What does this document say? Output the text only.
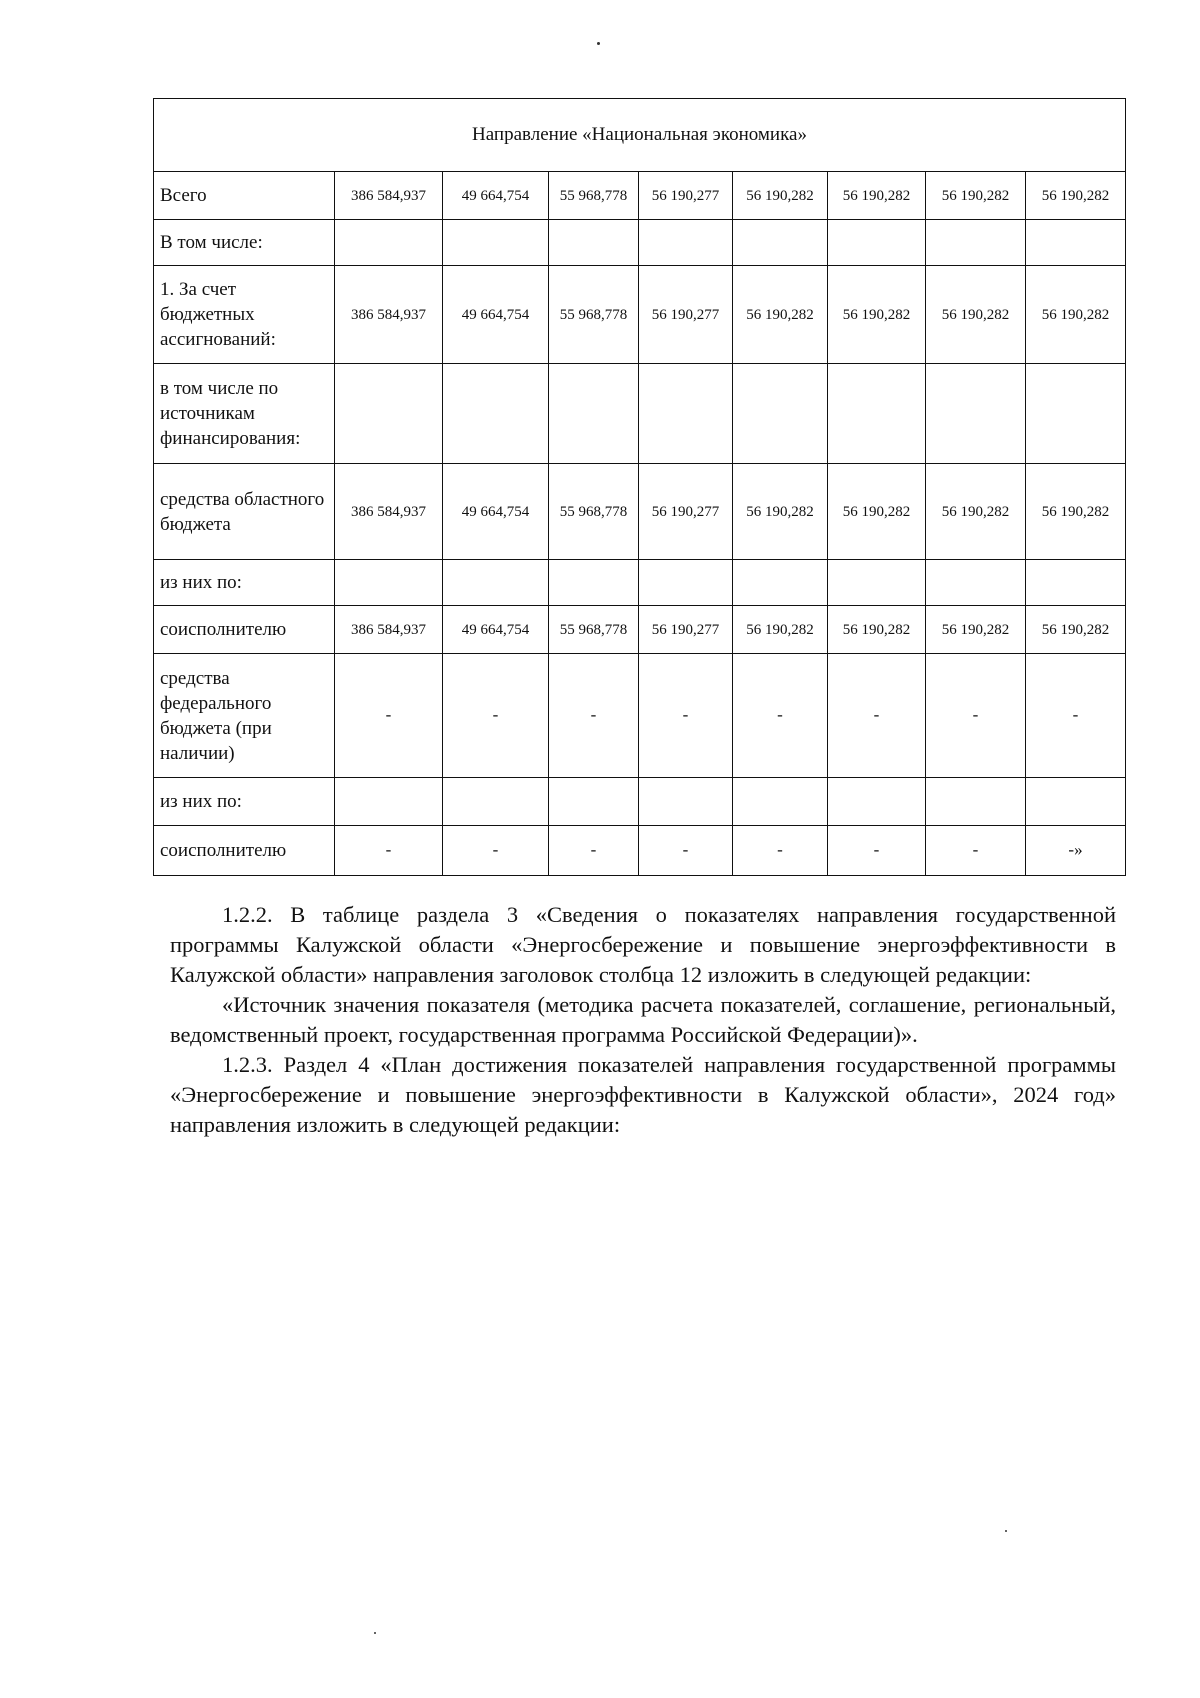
Направление «Национальная экономика»								
Всего	386 584,937	49 664,754	55 968,778	56 190,277	56 190,282	56 190,282	56 190,282	56 190,282
В том числе:								
1. За счет бюджетных ассигнований:	386 584,937	49 664,754	55 968,778	56 190,277	56 190,282	56 190,282	56 190,282	56 190,282
в том числе по источникам финансирования:								
средства областного бюджета	386 584,937	49 664,754	55 968,778	56 190,277	56 190,282	56 190,282	56 190,282	56 190,282
из них по:								
соисполнителю	386 584,937	49 664,754	55 968,778	56 190,277	56 190,282	56 190,282	56 190,282	56 190,282
средства федерального бюджета (при наличии)	-	-	-	-	-	-	-	-
из них по:								
соисполнителю	-	-	-	-	-	-	-	-»

1.2.2. В таблице раздела 3 «Сведения о показателях направления государственной программы Калужской области «Энергосбережение и повышение энергоэффективности в Калужской области» направления заголовок столбца 12 изложить в следующей редакции:

«Источник значения показателя (методика расчета показателей, соглашение, региональный, ведомственный проект, государственная программа Российской Федерации)».

1.2.3. Раздел 4 «План достижения показателей направления государственной программы «Энергосбережение и повышение энергоэффективности в Калужской области», 2024 год» направления изложить в следующей редакции:
